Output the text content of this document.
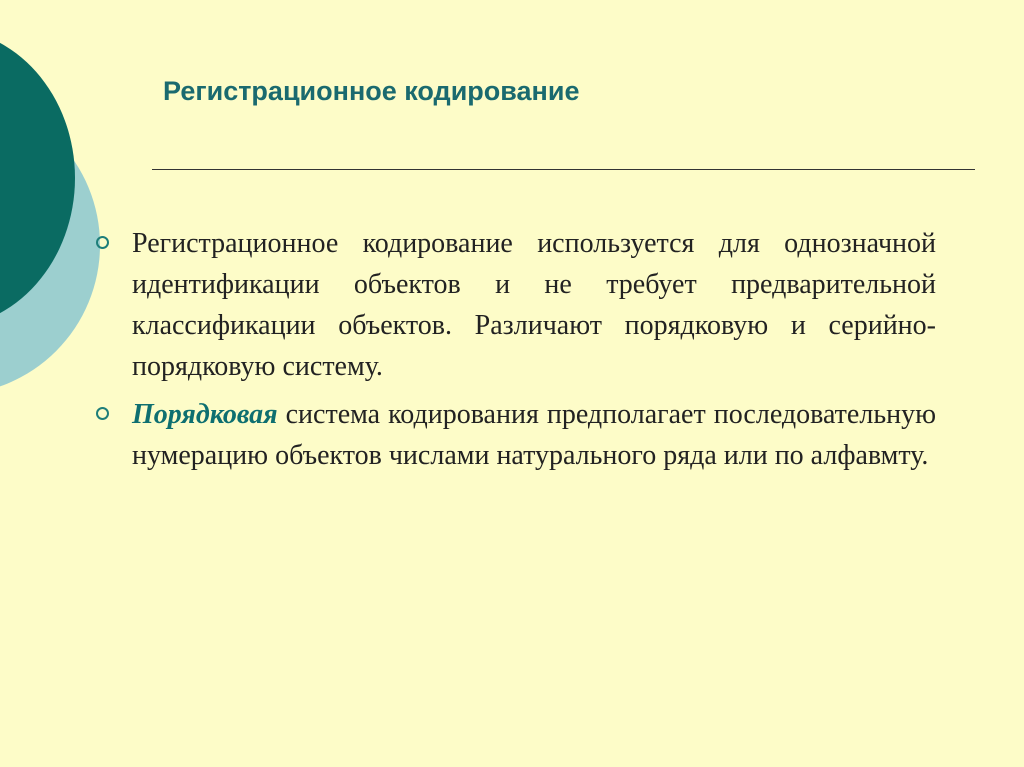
Регистрационное кодирование
Регистрационное кодирование используется для однозначной идентификации объектов и не требует предварительной классификации объектов. Различают порядковую и серийно-порядковую систему.
Порядковая система кодирования предполагает последовательную нумерацию объектов числами натурального ряда или по алфавмту.
